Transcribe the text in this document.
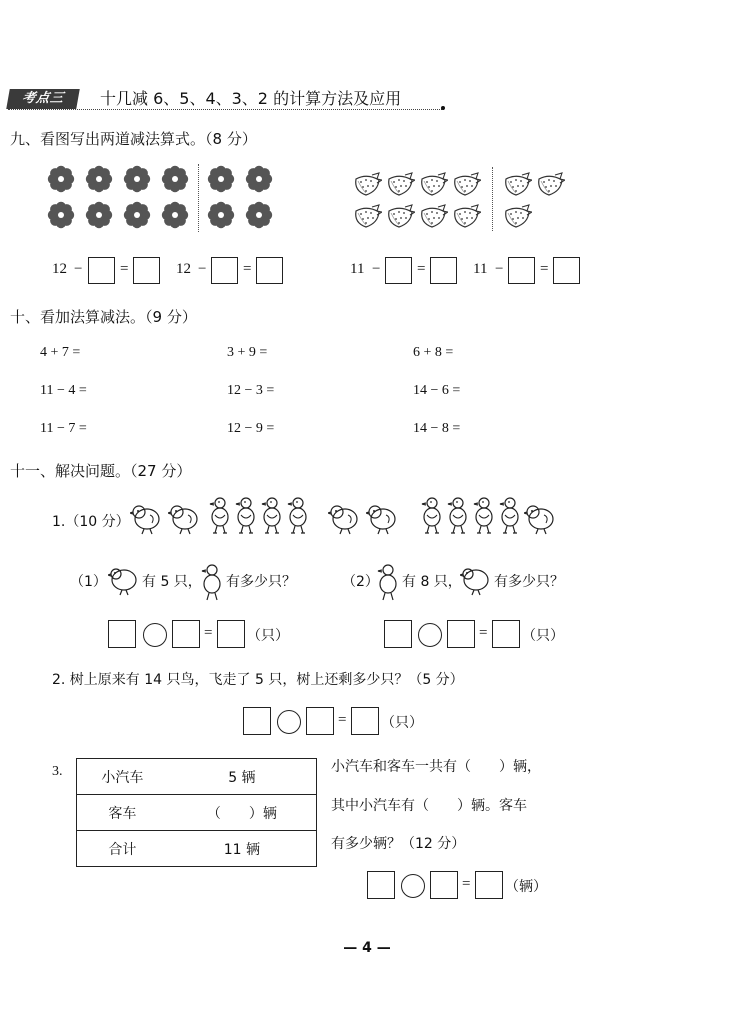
考点三	十几减 6、5、4、3、2 的计算方法及应用
九、看图写出两道减法算式。（8 分）
12 −	=	12 − =	11 − =	11 − =
十、看加法算减法。（9 分）
4 + 7 =	3 + 9 =	6 + 8 =
11 − 4 =	12 − 3 =	14 − 6 =
11 − 7 =	12 − 9 =	14 − 8 =
十一、解决问题。（27 分）
1.（10 分）
（1）	有 5 只， 有多少只？	（2） 有 8 只， 有多少只？
= （只）	= （只）
2. 树上原来有 14 只鸟，飞走了 5 只，树上还剩多少只？（5 分）
= （只）
3.	小汽车	5 辆
客车	（　　）辆
合计	11 辆
小汽车和客车一共有（　　）辆，
其中小汽车有（　　）辆。客车
有多少辆？（12 分）
= （辆）
— 4 —
